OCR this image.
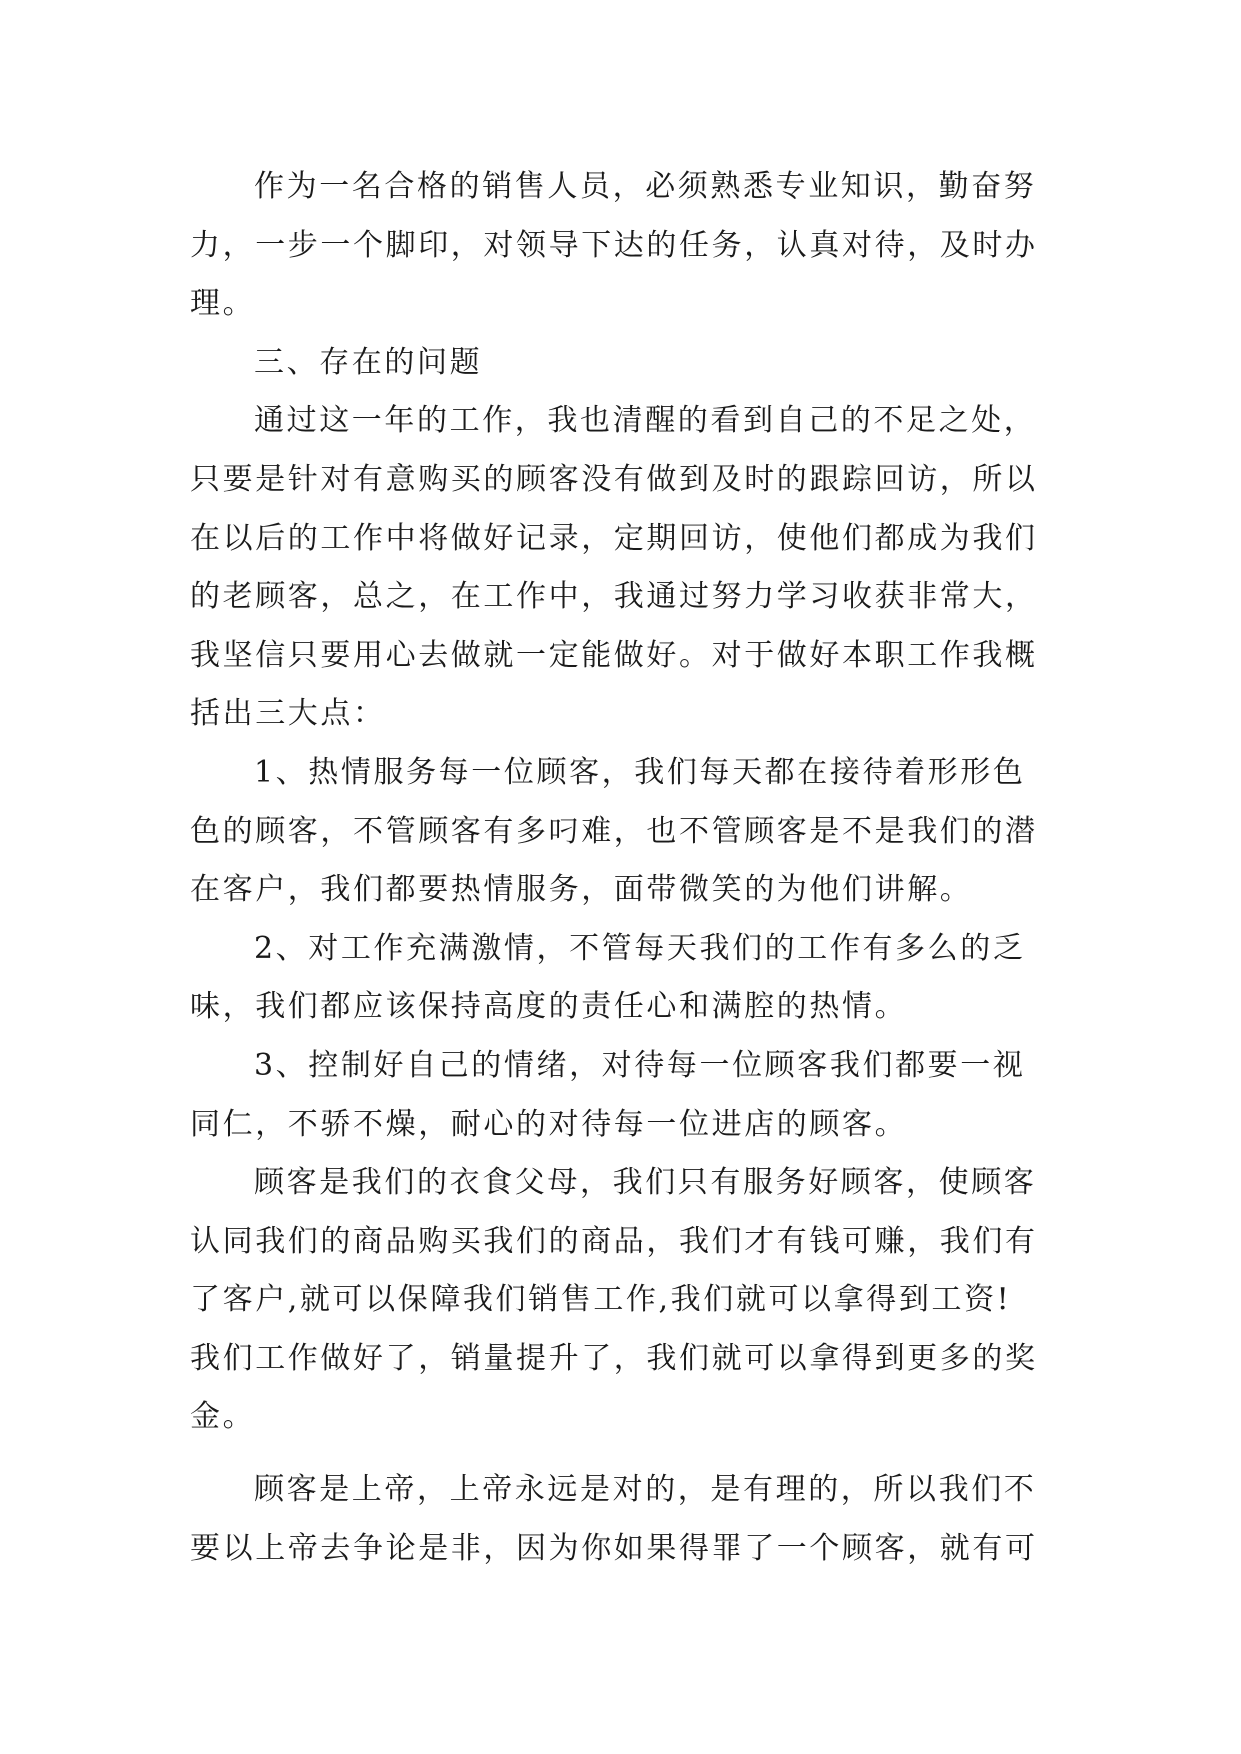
作为一名合格的销售人员，必须熟悉专业知识，勤奋努
力，一步一个脚印，对领导下达的任务，认真对待，及时办
理。
三、存在的问题
通过这一年的工作，我也清醒的看到自己的不足之处，
只要是针对有意购买的顾客没有做到及时的跟踪回访，所以
在以后的工作中将做好记录，定期回访，使他们都成为我们
的老顾客，总之，在工作中，我通过努力学习收获非常大，
我坚信只要用心去做就一定能做好。对于做好本职工作我概
括出三大点：
1、热情服务每一位顾客，我们每天都在接待着形形色
色的顾客，不管顾客有多叼难，也不管顾客是不是我们的潜
在客户，我们都要热情服务，面带微笑的为他们讲解。
2、对工作充满激情，不管每天我们的工作有多么的乏
味，我们都应该保持高度的责任心和满腔的热情。
3、控制好自己的情绪，对待每一位顾客我们都要一视
同仁，不骄不燥，耐心的对待每一位进店的顾客。
顾客是我们的衣食父母，我们只有服务好顾客，使顾客
认同我们的商品购买我们的商品，我们才有钱可赚，我们有
了客户,就可以保障我们销售工作,我们就可以拿得到工资!
我们工作做好了，销量提升了，我们就可以拿得到更多的奖
金。
顾客是上帝，上帝永远是对的，是有理的，所以我们不
要以上帝去争论是非，因为你如果得罪了一个顾客，就有可
